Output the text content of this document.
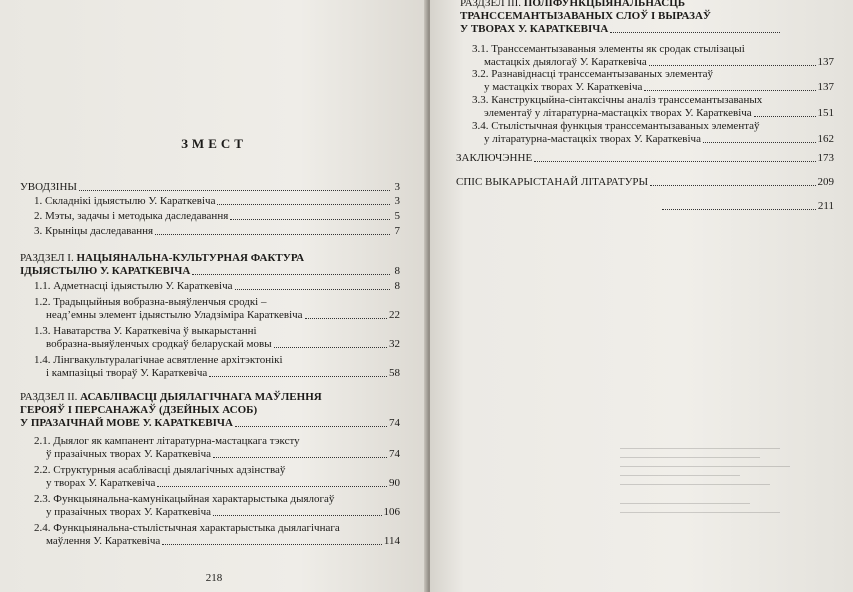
ЗМЕСТ
УВОДЗІНЫ	3
1. Складнікі ідыястылю У. Караткевіча	3
2. Мэты, задачы і методыка даследавання	5
3. Крыніцы даследавання	7
РАЗДЗЕЛ І. НАЦЫЯНАЛЬНА-КУЛЬТУРНАЯ ФАКТУРА
ІДЫЯСТЫЛЮ У. КАРАТКЕВІЧА	8
1.1. Адметнасці ідыястылю У. Караткевіча	8
1.2. Традыцыйныя вобразна-выяўленчыя сродкі –
неад’емны элемент ідыястылю Уладзіміра Караткевіча	22
1.3. Наватарства У. Караткевіча ў выкарыстанні
вобразна-выяўленчых сродкаў беларускай мовы	32
1.4. Лінгвакультуралагічнае асвятленне архітэктонікі
і кампазіцыі твораў У. Караткевіча	58
РАЗДЗЕЛ ІІ. АСАБЛІВАСЦІ ДЫЯЛАГІЧНАГА МАЎЛЕННЯ
ГЕРОЯЎ І ПЕРСАНАЖАЎ (ДЗЕЙНЫХ АСОБ)
У ПРАЗАІЧНАЙ МОВЕ У. КАРАТКЕВІЧА	74
2.1. Дыялог як кампанент літаратурна-мастацкага тэксту
ў празаічных творах У. Караткевіча	74
2.2. Структурныя асаблівасці дыялагічных адзінстваў
у творах У. Караткевіча	90
2.3. Функцыянальна-камунікацыйная характарыстыка дыялогаў
у празаічных творах У. Караткевіча	106
2.4. Функцыянальна-стылістычная характарыстыка дыялагічнага
маўлення У. Караткевіча	114
218
РАЗДЗЕЛ ІІІ. ПОЛІФУНКЦЫЯНАЛЬНАСЦЬ
ТРАНССЕМАНТЫЗАВАНЫХ СЛОЎ І ВЫРАЗАЎ
У ТВОРАХ У. КАРАТКЕВІЧА
3.1. Транссемантызаваныя элементы як сродак стылізацыі
мастацкіх дыялогаў У. Караткевіча	137
3.2. Разнавіднасці транссемантызаваных элементаў
у мастацкіх творах У. Караткевіча	137
3.3. Канструкцыйна-сінтаксічны аналіз транссемантызаваных
элементаў у літаратурна-мастацкіх творах У. Караткевіча	151
3.4. Стылістычная функцыя транссемантызаваных элементаў
у літаратурна-мастацкіх творах У. Караткевіча	162
ЗАКЛЮЧЭННЕ	173
СПІС ВЫКАРЫСТАНАЙ ЛІТАРАТУРЫ	209
211
